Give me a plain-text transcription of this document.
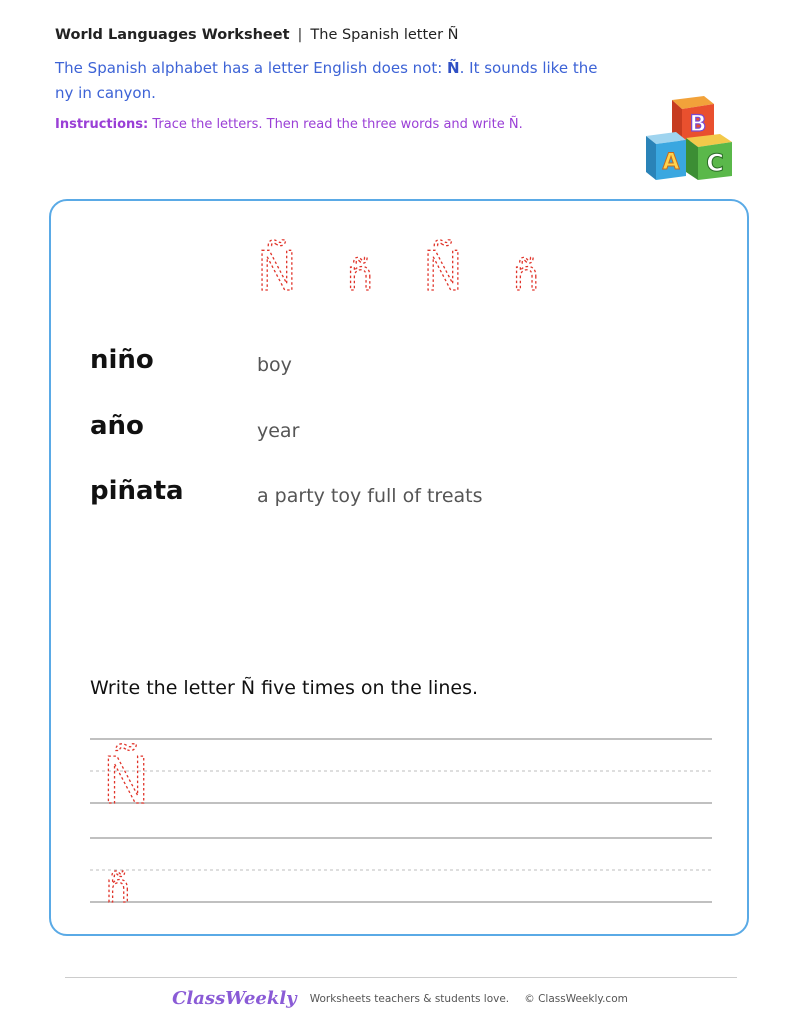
World Languages Worksheet | The Spanish letter Ñ
The Spanish alphabet has a letter English does not: Ñ. It sounds like the ny in canyon.
Instructions: Trace the letters. Then read the three words and write Ñ.	B
A C
Ñ ñ Ñ ñ
niño	boy
año	year
piñata	a party toy full of treats
Write the letter Ñ five times on the lines.
Ñ
ñ
ClassWeekly Worksheets teachers & students love. © ClassWeekly.com
